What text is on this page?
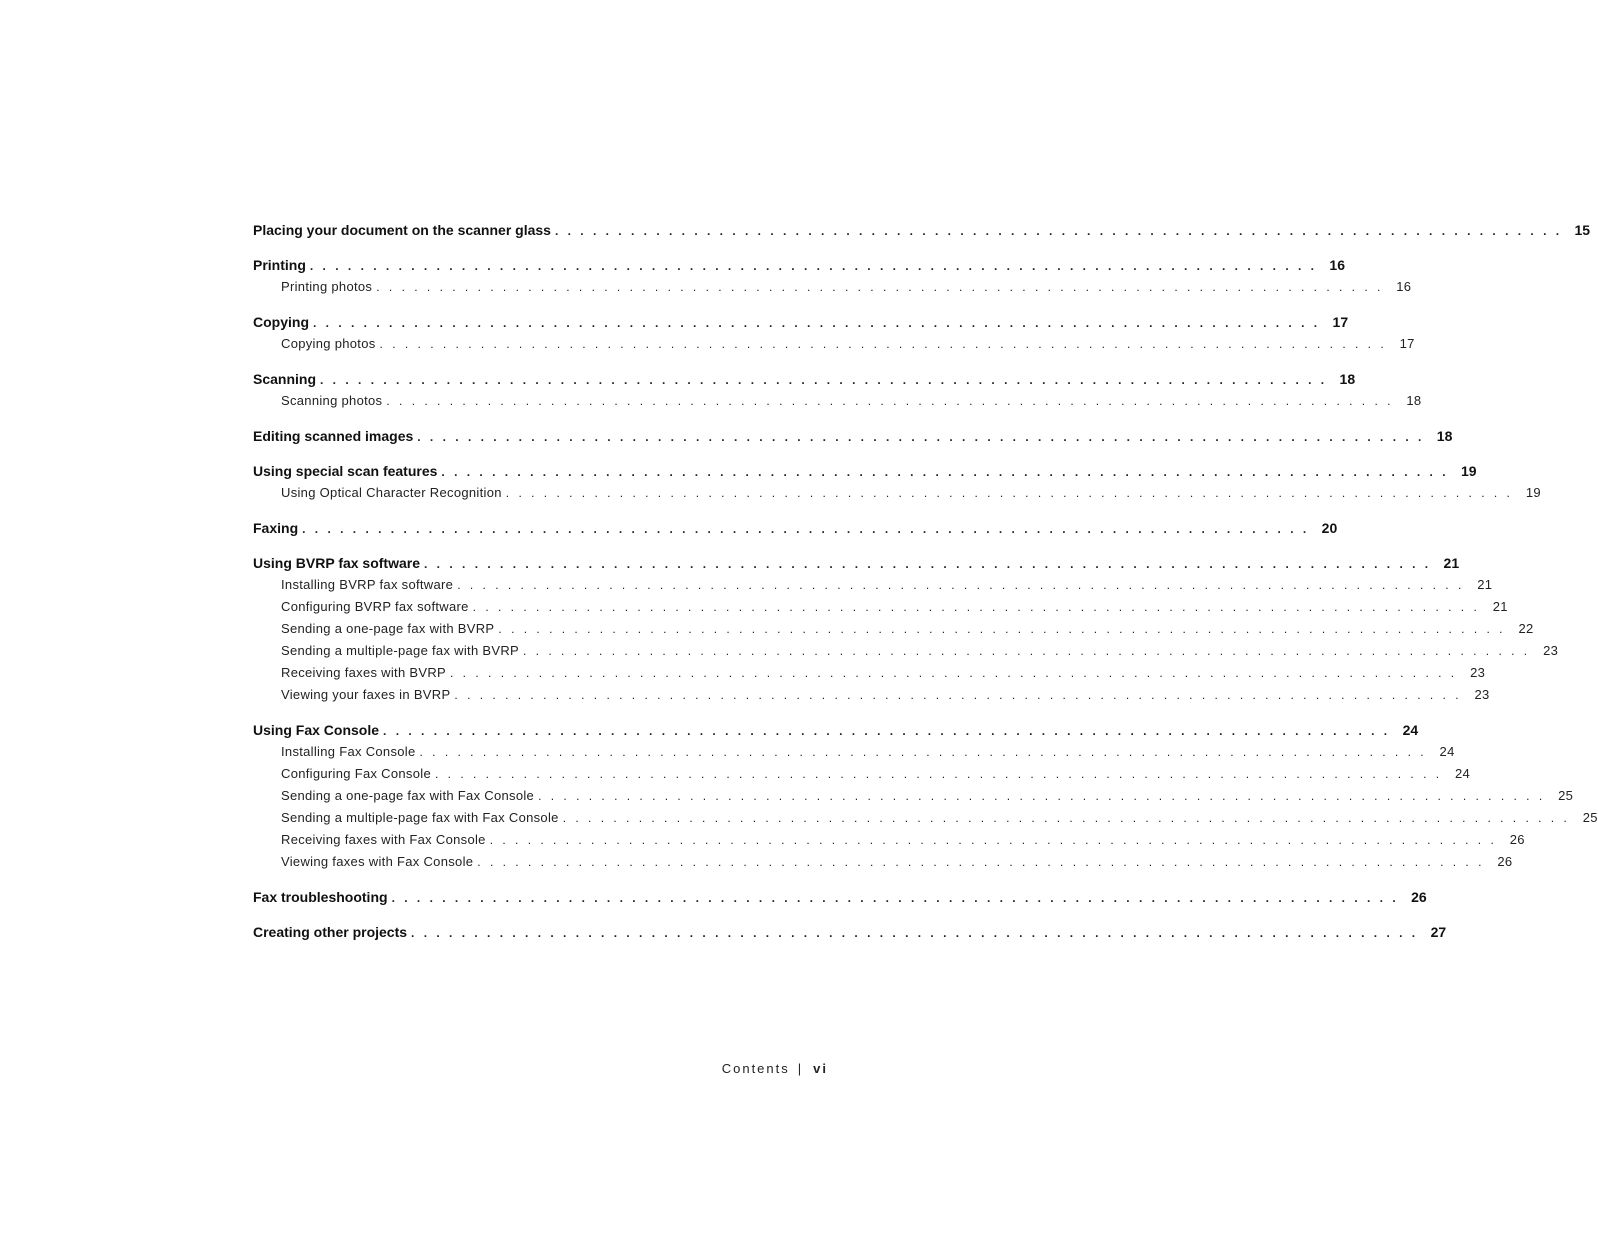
Placing your document on the scanner glass . . . . . . . . . . . . . . . . . . . . . . . . . . . . . . . . . . . . . . . . . . . . . . . . . . . . . . . . . . . . . . . . . . . . . . . . . . . . . . . . 15
Printing . . . . . . . . . . . . . . . . . . . . . . . . . . . . . . . . . . . . . . . . . . . . . . . . . . . . . . . . . . . . . . . . . . . . . . . . . . . . . . . . 16
Printing photos . . . . . . . . . . . . . . . . . . . . . . . . . . . . . . . . . . . . . . . . . . . . . . . . . . . . . . . . . . . . . . . . . . . . . . . . . . . . . . . . 16
Copying . . . . . . . . . . . . . . . . . . . . . . . . . . . . . . . . . . . . . . . . . . . . . . . . . . . . . . . . . . . . . . . . . . . . . . . . . . . . . . . . 17
Copying photos . . . . . . . . . . . . . . . . . . . . . . . . . . . . . . . . . . . . . . . . . . . . . . . . . . . . . . . . . . . . . . . . . . . . . . . . . . . . . . . . 17
Scanning . . . . . . . . . . . . . . . . . . . . . . . . . . . . . . . . . . . . . . . . . . . . . . . . . . . . . . . . . . . . . . . . . . . . . . . . . . . . . . . . 18
Scanning photos . . . . . . . . . . . . . . . . . . . . . . . . . . . . . . . . . . . . . . . . . . . . . . . . . . . . . . . . . . . . . . . . . . . . . . . . . . . . . . . . 18
Editing scanned images . . . . . . . . . . . . . . . . . . . . . . . . . . . . . . . . . . . . . . . . . . . . . . . . . . . . . . . . . . . . . . . . . . . . . . . . . . . . . . . . 18
Using special scan features . . . . . . . . . . . . . . . . . . . . . . . . . . . . . . . . . . . . . . . . . . . . . . . . . . . . . . . . . . . . . . . . . . . . . . . . . . . . . . . . 19
Using Optical Character Recognition . . . . . . . . . . . . . . . . . . . . . . . . . . . . . . . . . . . . . . . . . . . . . . . . . . . . . . . . . . . . . . . . . . . . . . . . . . . . . . . . 19
Faxing . . . . . . . . . . . . . . . . . . . . . . . . . . . . . . . . . . . . . . . . . . . . . . . . . . . . . . . . . . . . . . . . . . . . . . . . . . . . . . . . 20
Using BVRP fax software . . . . . . . . . . . . . . . . . . . . . . . . . . . . . . . . . . . . . . . . . . . . . . . . . . . . . . . . . . . . . . . . . . . . . . . . . . . . . . . . 21
Installing BVRP fax software . . . . . . . . . . . . . . . . . . . . . . . . . . . . . . . . . . . . . . . . . . . . . . . . . . . . . . . . . . . . . . . . . . . . . . . . . . . . . . . . 21
Configuring BVRP fax software . . . . . . . . . . . . . . . . . . . . . . . . . . . . . . . . . . . . . . . . . . . . . . . . . . . . . . . . . . . . . . . . . . . . . . . . . . . . . . . . 21
Sending a one-page fax with BVRP . . . . . . . . . . . . . . . . . . . . . . . . . . . . . . . . . . . . . . . . . . . . . . . . . . . . . . . . . . . . . . . . . . . . . . . . . . . . . . . . 22
Sending a multiple-page fax with BVRP . . . . . . . . . . . . . . . . . . . . . . . . . . . . . . . . . . . . . . . . . . . . . . . . . . . . . . . . . . . . . . . . . . . . . . . . . . . . . . . . 23
Receiving faxes with BVRP . . . . . . . . . . . . . . . . . . . . . . . . . . . . . . . . . . . . . . . . . . . . . . . . . . . . . . . . . . . . . . . . . . . . . . . . . . . . . . . . 23
Viewing your faxes in BVRP . . . . . . . . . . . . . . . . . . . . . . . . . . . . . . . . . . . . . . . . . . . . . . . . . . . . . . . . . . . . . . . . . . . . . . . . . . . . . . . . 23
Using Fax Console . . . . . . . . . . . . . . . . . . . . . . . . . . . . . . . . . . . . . . . . . . . . . . . . . . . . . . . . . . . . . . . . . . . . . . . . . . . . . . . . 24
Installing Fax Console . . . . . . . . . . . . . . . . . . . . . . . . . . . . . . . . . . . . . . . . . . . . . . . . . . . . . . . . . . . . . . . . . . . . . . . . . . . . . . . . 24
Configuring Fax Console . . . . . . . . . . . . . . . . . . . . . . . . . . . . . . . . . . . . . . . . . . . . . . . . . . . . . . . . . . . . . . . . . . . . . . . . . . . . . . . . 24
Sending a one-page fax with Fax Console . . . . . . . . . . . . . . . . . . . . . . . . . . . . . . . . . . . . . . . . . . . . . . . . . . . . . . . . . . . . . . . . . . . . . . . . . . . . . . . . 25
Sending a multiple-page fax with Fax Console . . . . . . . . . . . . . . . . . . . . . . . . . . . . . . . . . . . . . . . . . . . . . . . . . . . . . . . . . . . . . . . . . . . . . . . . . . . . . . . . 25
Receiving faxes with Fax Console . . . . . . . . . . . . . . . . . . . . . . . . . . . . . . . . . . . . . . . . . . . . . . . . . . . . . . . . . . . . . . . . . . . . . . . . . . . . . . . . 26
Viewing faxes with Fax Console . . . . . . . . . . . . . . . . . . . . . . . . . . . . . . . . . . . . . . . . . . . . . . . . . . . . . . . . . . . . . . . . . . . . . . . . . . . . . . . . 26
Fax troubleshooting . . . . . . . . . . . . . . . . . . . . . . . . . . . . . . . . . . . . . . . . . . . . . . . . . . . . . . . . . . . . . . . . . . . . . . . . . . . . . . . . 26
Creating other projects . . . . . . . . . . . . . . . . . . . . . . . . . . . . . . . . . . . . . . . . . . . . . . . . . . . . . . . . . . . . . . . . . . . . . . . . . . . . . . . . 27
Contents | vi
